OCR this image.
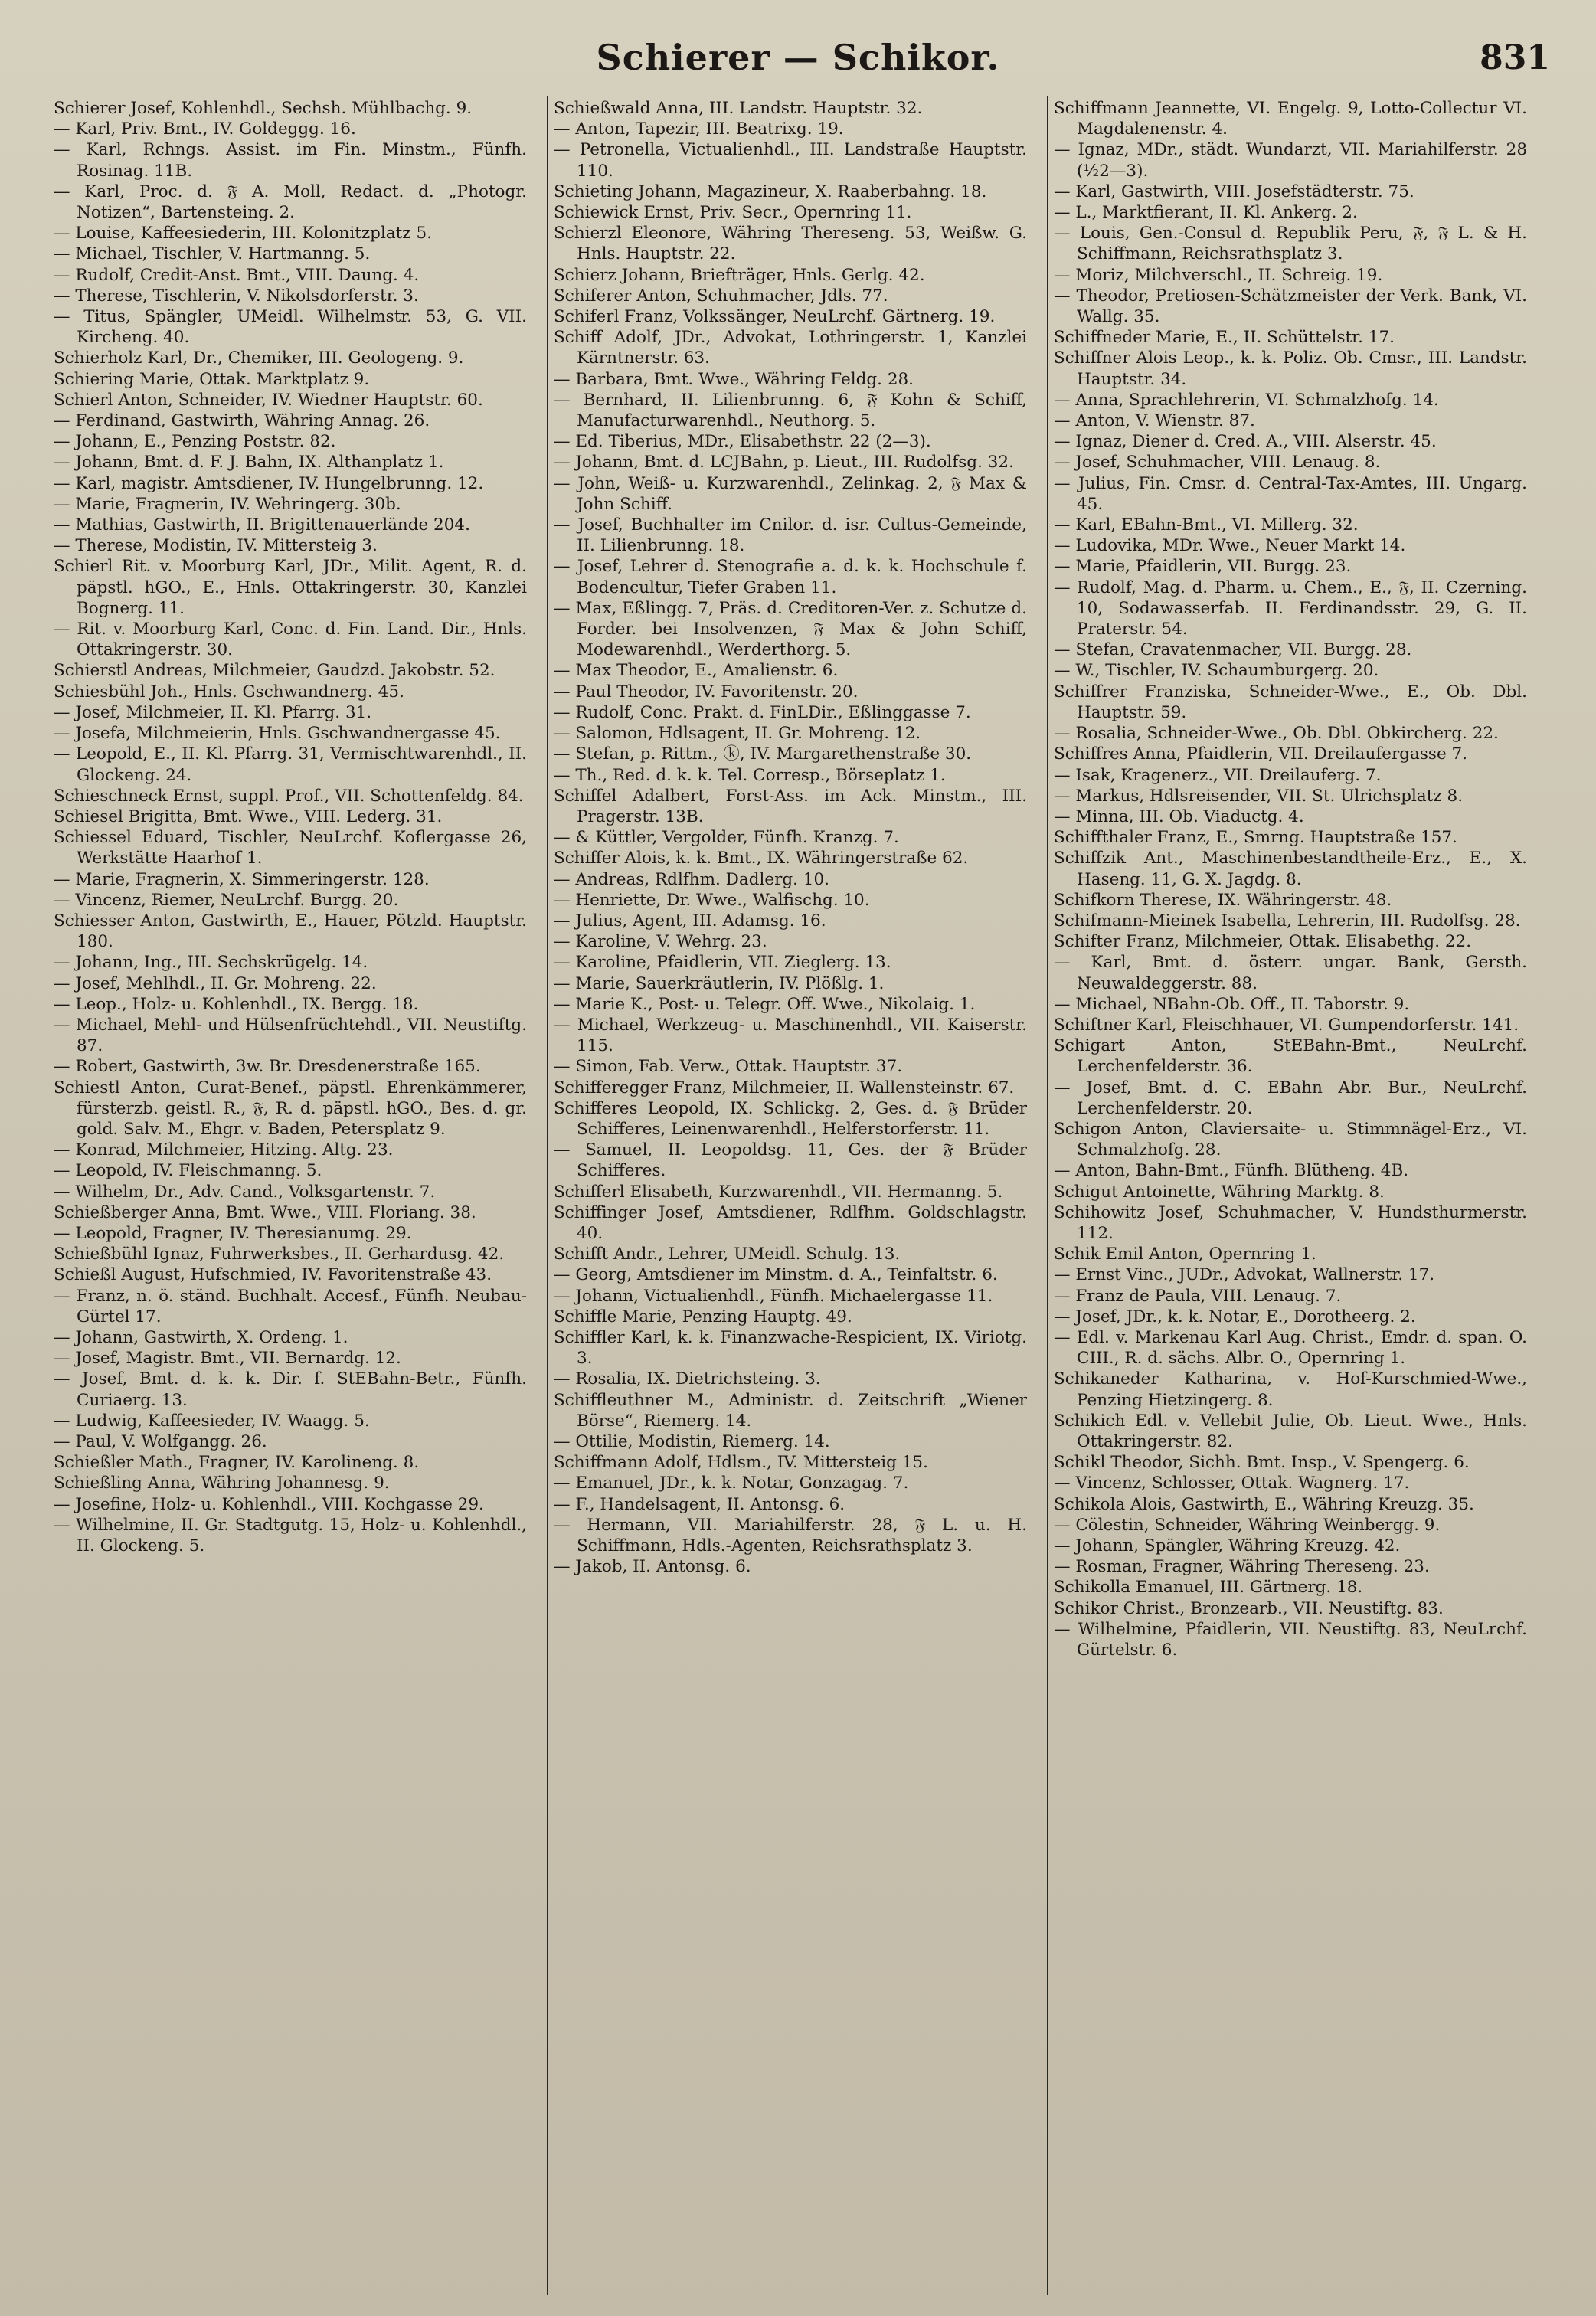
Schierer — Schikor.	831

Schierer Josef, Kohlenhdl., Sechsh. Mühlbachg. 9.

— Karl, Priv. Bmt., IV. Goldeggg. 16.

— Karl, Rchngs. Assist. im Fin. Minstm., Fünfh. Rosinag. 11B.

— Karl, Proc. d. 𝔉 A. Moll, Redact. d. „Photogr. Notizen“, Bartensteing. 2.

— Louise, Kaffeesiederin, III. Kolonitzplatz 5.

— Michael, Tischler, V. Hartmanng. 5.

— Rudolf, Credit-Anst. Bmt., VIII. Daung. 4.

— Therese, Tischlerin, V. Nikolsdorferstr. 3.

— Titus, Spängler, UMeidl. Wilhelmstr. 53, G. VII. Kircheng. 40.

Schierholz Karl, Dr., Chemiker, III. Geologeng. 9.

Schiering Marie, Ottak. Marktplatz 9.

Schierl Anton, Schneider, IV. Wiedner Hauptstr. 60.

— Ferdinand, Gastwirth, Währing Annag. 26.

— Johann, E., Penzing Poststr. 82.

— Johann, Bmt. d. F. J. Bahn, IX. Althanplatz 1.

— Karl, magistr. Amtsdiener, IV. Hungelbrunng. 12.

— Marie, Fragnerin, IV. Wehringerg. 30b.

— Mathias, Gastwirth, II. Brigittenauerlände 204.

— Therese, Modistin, IV. Mittersteig 3.

Schierl Rit. v. Moorburg Karl, JDr., Milit. Agent, R. d. päpstl. hGO., E., Hnls. Ottakringerstr. 30, Kanzlei Bognerg. 11.

— Rit. v. Moorburg Karl, Conc. d. Fin. Land. Dir., Hnls. Ottakringerstr. 30.

Schierstl Andreas, Milchmeier, Gaudzd. Jakobstr. 52.

Schiesbühl Joh., Hnls. Gschwandnerg. 45.

— Josef, Milchmeier, II. Kl. Pfarrg. 31.

— Josefa, Milchmeierin, Hnls. Gschwandnergasse 45.

— Leopold, E., II. Kl. Pfarrg. 31, Vermischtwarenhdl., II. Glockeng. 24.

Schieschneck Ernst, suppl. Prof., VII. Schottenfeldg. 84.

Schiesel Brigitta, Bmt. Wwe., VIII. Lederg. 31.

Schiessel Eduard, Tischler, NeuLrchf. Koflergasse 26, Werkstätte Haarhof 1.

— Marie, Fragnerin, X. Simmeringerstr. 128.

— Vincenz, Riemer, NeuLrchf. Burgg. 20.

Schiesser Anton, Gastwirth, E., Hauer, Pötzld. Hauptstr. 180.

— Johann, Ing., III. Sechskrügelg. 14.

— Josef, Mehlhdl., II. Gr. Mohreng. 22.

— Leop., Holz- u. Kohlenhdl., IX. Bergg. 18.

— Michael, Mehl- und Hülsenfrüchtehdl., VII. Neustiftg. 87.

— Robert, Gastwirth, 3w. Br. Dresdenerstraße 165.

Schiestl Anton, Curat-Benef., päpstl. Ehrenkämmerer, fürsterzb. geistl. R., 𝔉, R. d. päpstl. hGO., Bes. d. gr. gold. Salv. M., Ehgr. v. Baden, Petersplatz 9.

— Konrad, Milchmeier, Hitzing. Altg. 23.

— Leopold, IV. Fleischmanng. 5.

— Wilhelm, Dr., Adv. Cand., Volksgartenstr. 7.

Schießberger Anna, Bmt. Wwe., VIII. Floriang. 38.

— Leopold, Fragner, IV. Theresianumg. 29.

Schießbühl Ignaz, Fuhrwerksbes., II. Gerhardusg. 42.

Schießl August, Hufschmied, IV. Favoritenstraße 43.

— Franz, n. ö. ständ. Buchhalt. Accesf., Fünfh. Neubau-Gürtel 17.

— Johann, Gastwirth, X. Ordeng. 1.

— Josef, Magistr. Bmt., VII. Bernardg. 12.

— Josef, Bmt. d. k. k. Dir. f. StEBahn-Betr., Fünfh. Curiaerg. 13.

— Ludwig, Kaffeesieder, IV. Waagg. 5.

— Paul, V. Wolfgangg. 26.

Schießler Math., Fragner, IV. Karolineng. 8.

Schießling Anna, Währing Johannesg. 9.

— Josefine, Holz- u. Kohlenhdl., VIII. Kochgasse 29.

— Wilhelmine, II. Gr. Stadtgutg. 15, Holz- u. Kohlenhdl., II. Glockeng. 5.

Schießwald Anna, III. Landstr. Hauptstr. 32.

— Anton, Tapezir, III. Beatrixg. 19.

— Petronella, Victualienhdl., III. Landstraße Hauptstr. 110.

Schieting Johann, Magazineur, X. Raaberbahng. 18.

Schiewick Ernst, Priv. Secr., Opernring 11.

Schierzl Eleonore, Währing Thereseng. 53, Weißw. G. Hnls. Hauptstr. 22.

Schierz Johann, Briefträger, Hnls. Gerlg. 42.

Schiferer Anton, Schuhmacher, Jdls. 77.

Schiferl Franz, Volkssänger, NeuLrchf. Gärtnerg. 19.

Schiff Adolf, JDr., Advokat, Lothringerstr. 1, Kanzlei Kärntnerstr. 63.

— Barbara, Bmt. Wwe., Währing Feldg. 28.

— Bernhard, II. Lilienbrunng. 6, 𝔉 Kohn & Schiff, Manufacturwarenhdl., Neuthorg. 5.

— Ed. Tiberius, MDr., Elisabethstr. 22 (2—3).

— Johann, Bmt. d. LCJBahn, p. Lieut., III. Rudolfsg. 32.

— John, Weiß- u. Kurzwarenhdl., Zelinkag. 2, 𝔉 Max & John Schiff.

— Josef, Buchhalter im Cnilor. d. isr. Cultus-Gemeinde, II. Lilienbrunng. 18.

— Josef, Lehrer d. Stenografie a. d. k. k. Hochschule f. Bodencultur, Tiefer Graben 11.

— Max, Eßlingg. 7, Präs. d. Creditoren-Ver. z. Schutze d. Forder. bei Insolvenzen, 𝔉 Max & John Schiff, Modewarenhdl., Werderthorg. 5.

— Max Theodor, E., Amalienstr. 6.

— Paul Theodor, IV. Favoritenstr. 20.

— Rudolf, Conc. Prakt. d. FinLDir., Eßlinggasse 7.

— Salomon, Hdlsagent, II. Gr. Mohreng. 12.

— Stefan, p. Rittm., ⓚ, IV. Margarethenstraße 30.

— Th., Red. d. k. k. Tel. Corresp., Börseplatz 1.

Schiffel Adalbert, Forst-Ass. im Ack. Minstm., III. Pragerstr. 13B.

— & Küttler, Vergolder, Fünfh. Kranzg. 7.

Schiffer Alois, k. k. Bmt., IX. Währingerstraße 62.

— Andreas, Rdlfhm. Dadlerg. 10.

— Henriette, Dr. Wwe., Walfischg. 10.

— Julius, Agent, III. Adamsg. 16.

— Karoline, V. Wehrg. 23.

— Karoline, Pfaidlerin, VII. Zieglerg. 13.

— Marie, Sauerkräutlerin, IV. Plößlg. 1.

— Marie K., Post- u. Telegr. Off. Wwe., Nikolaig. 1.

— Michael, Werkzeug- u. Maschinenhdl., VII. Kaiserstr. 115.

— Simon, Fab. Verw., Ottak. Hauptstr. 37.

Schifferegger Franz, Milchmeier, II. Wallensteinstr. 67.

Schifferes Leopold, IX. Schlickg. 2, Ges. d. 𝔉 Brüder Schifferes, Leinenwarenhdl., Helferstorferstr. 11.

— Samuel, II. Leopoldsg. 11, Ges. der 𝔉 Brüder Schifferes.

Schifferl Elisabeth, Kurzwarenhdl., VII. Hermanng. 5.

Schiffinger Josef, Amtsdiener, Rdlfhm. Goldschlagstr. 40.

Schifft Andr., Lehrer, UMeidl. Schulg. 13.

— Georg, Amtsdiener im Minstm. d. A., Teinfaltstr. 6.

— Johann, Victualienhdl., Fünfh. Michaelergasse 11.

Schiffle Marie, Penzing Hauptg. 49.

Schiffler Karl, k. k. Finanzwache-Respicient, IX. Viriotg. 3.

— Rosalia, IX. Dietrichsteing. 3.

Schiffleuthner M., Administr. d. Zeitschrift „Wiener Börse“, Riemerg. 14.

— Ottilie, Modistin, Riemerg. 14.

Schiffmann Adolf, Hdlsm., IV. Mittersteig 15.

— Emanuel, JDr., k. k. Notar, Gonzagag. 7.

— F., Handelsagent, II. Antonsg. 6.

— Hermann, VII. Mariahilferstr. 28, 𝔉 L. u. H. Schiffmann, Hdls.-Agenten, Reichsrathsplatz 3.

— Jakob, II. Antonsg. 6.

Schiffmann Jeannette, VI. Engelg. 9, Lotto-Collectur VI. Magdalenenstr. 4.

— Ignaz, MDr., städt. Wundarzt, VII. Mariahilferstr. 28 (½2—3).

— Karl, Gastwirth, VIII. Josefstädterstr. 75.

— L., Marktfierant, II. Kl. Ankerg. 2.

— Louis, Gen.-Consul d. Republik Peru, 𝔉, 𝔉 L. & H. Schiffmann, Reichsrathsplatz 3.

— Moriz, Milchverschl., II. Schreig. 19.

— Theodor, Pretiosen-Schätzmeister der Verk. Bank, VI. Wallg. 35.

Schiffneder Marie, E., II. Schüttelstr. 17.

Schiffner Alois Leop., k. k. Poliz. Ob. Cmsr., III. Landstr. Hauptstr. 34.

— Anna, Sprachlehrerin, VI. Schmalzhofg. 14.

— Anton, V. Wienstr. 87.

— Ignaz, Diener d. Cred. A., VIII. Alserstr. 45.

— Josef, Schuhmacher, VIII. Lenaug. 8.

— Julius, Fin. Cmsr. d. Central-Tax-Amtes, III. Ungarg. 45.

— Karl, EBahn-Bmt., VI. Millerg. 32.

— Ludovika, MDr. Wwe., Neuer Markt 14.

— Marie, Pfaidlerin, VII. Burgg. 23.

— Rudolf, Mag. d. Pharm. u. Chem., E., 𝔉, II. Czerning. 10, Sodawasserfab. II. Ferdinandsstr. 29, G. II. Praterstr. 54.

— Stefan, Cravatenmacher, VII. Burgg. 28.

— W., Tischler, IV. Schaumburgerg. 20.

Schiffrer Franziska, Schneider-Wwe., E., Ob. Dbl. Hauptstr. 59.

— Rosalia, Schneider-Wwe., Ob. Dbl. Obkircherg. 22.

Schiffres Anna, Pfaidlerin, VII. Dreilaufergasse 7.

— Isak, Kragenerz., VII. Dreilauferg. 7.

— Markus, Hdlsreisender, VII. St. Ulrichsplatz 8.

— Minna, III. Ob. Viaductg. 4.

Schiffthaler Franz, E., Smrng. Hauptstraße 157.

Schiffzik Ant., Maschinenbestandtheile-Erz., E., X. Haseng. 11, G. X. Jagdg. 8.

Schifkorn Therese, IX. Währingerstr. 48.

Schifmann-Mieinek Isabella, Lehrerin, III. Rudolfsg. 28.

Schifter Franz, Milchmeier, Ottak. Elisabethg. 22.

— Karl, Bmt. d. österr. ungar. Bank, Gersth. Neuwaldeggerstr. 88.

— Michael, NBahn-Ob. Off., II. Taborstr. 9.

Schiftner Karl, Fleischhauer, VI. Gumpendorferstr. 141.

Schigart Anton, StEBahn-Bmt., NeuLrchf. Lerchenfelderstr. 36.

— Josef, Bmt. d. C. EBahn Abr. Bur., NeuLrchf. Lerchenfelderstr. 20.

Schigon Anton, Claviersaite- u. Stimmnägel-Erz., VI. Schmalzhofg. 28.

— Anton, Bahn-Bmt., Fünfh. Blütheng. 4B.

Schigut Antoinette, Währing Marktg. 8.

Schihowitz Josef, Schuhmacher, V. Hundsthurmerstr. 112.

Schik Emil Anton, Opernring 1.

— Ernst Vinc., JUDr., Advokat, Wallnerstr. 17.

— Franz de Paula, VIII. Lenaug. 7.

— Josef, JDr., k. k. Notar, E., Dorotheerg. 2.

— Edl. v. Markenau Karl Aug. Christ., Emdr. d. span. O. CIII., R. d. sächs. Albr. O., Opernring 1.

Schikaneder Katharina, v. Hof-Kurschmied-Wwe., Penzing Hietzingerg. 8.

Schikich Edl. v. Vellebit Julie, Ob. Lieut. Wwe., Hnls. Ottakringerstr. 82.

Schikl Theodor, Sichh. Bmt. Insp., V. Spengerg. 6.

— Vincenz, Schlosser, Ottak. Wagnerg. 17.

Schikola Alois, Gastwirth, E., Währing Kreuzg. 35.

— Cölestin, Schneider, Währing Weinbergg. 9.

— Johann, Spängler, Währing Kreuzg. 42.

— Rosman, Fragner, Währing Thereseng. 23.

Schikolla Emanuel, III. Gärtnerg. 18.

Schikor Christ., Bronzearb., VII. Neustiftg. 83.

— Wilhelmine, Pfaidlerin, VII. Neustiftg. 83, NeuLrchf. Gürtelstr. 6.
